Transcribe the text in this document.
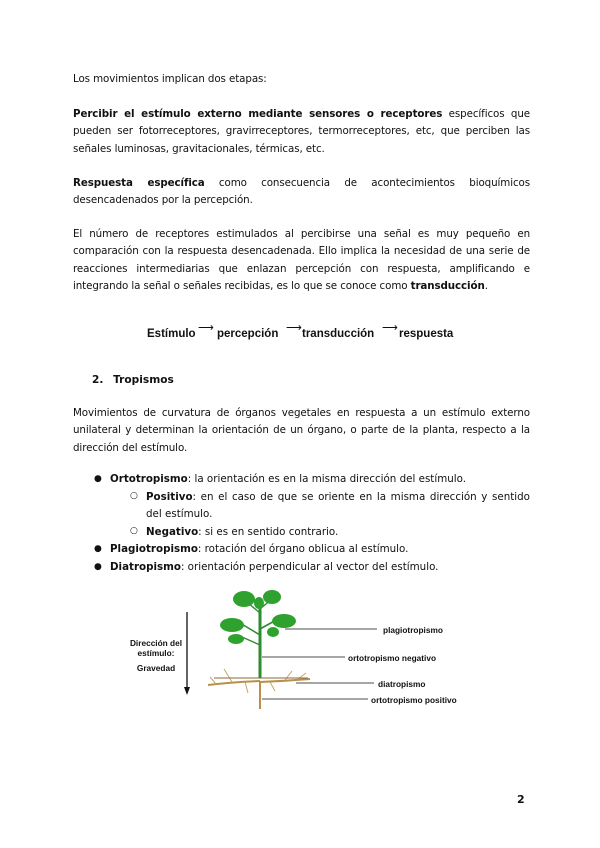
Los movimientos implican dos etapas:
Percibir el estímulo externo mediante sensores o receptores específicos que pueden ser fotorreceptores, gravirreceptores, termorreceptores, etc, que perciben las señales luminosas, gravitacionales, térmicas, etc.
Respuesta específica como consecuencia de acontecimientos bioquímicos desencadenados por la percepción.
El número de receptores estimulados al percibirse una señal es muy pequeño en comparación con la respuesta desencadenada. Ello implica la necesidad de una serie de reacciones intermediarias que enlazan percepción con respuesta, amplificando e integrando la señal o señales recibidas, es lo que se conoce como transducción.
Estímulo ⟶ percepción ⟶ transducción ⟶ respuesta
2. Tropismos
Movimientos de curvatura de órganos vegetales en respuesta a un estímulo externo unilateral y determinan la orientación de un órgano, o parte de la planta, respecto a la dirección del estímulo.
● Ortotropismo: la orientación es en la misma dirección del estímulo.
○ Positivo: en el caso de que se oriente en la misma dirección y sentido del estímulo.
○ Negativo: si es en sentido contrario.
● Plagiotropismo: rotación del órgano oblicua al estímulo.
● Diatropismo: orientación perpendicular al vector del estímulo.
Dirección del
estímulo:
Gravedad
plagiotropismo
ortotropismo negativo
diatropismo
ortotropismo positivo
2
